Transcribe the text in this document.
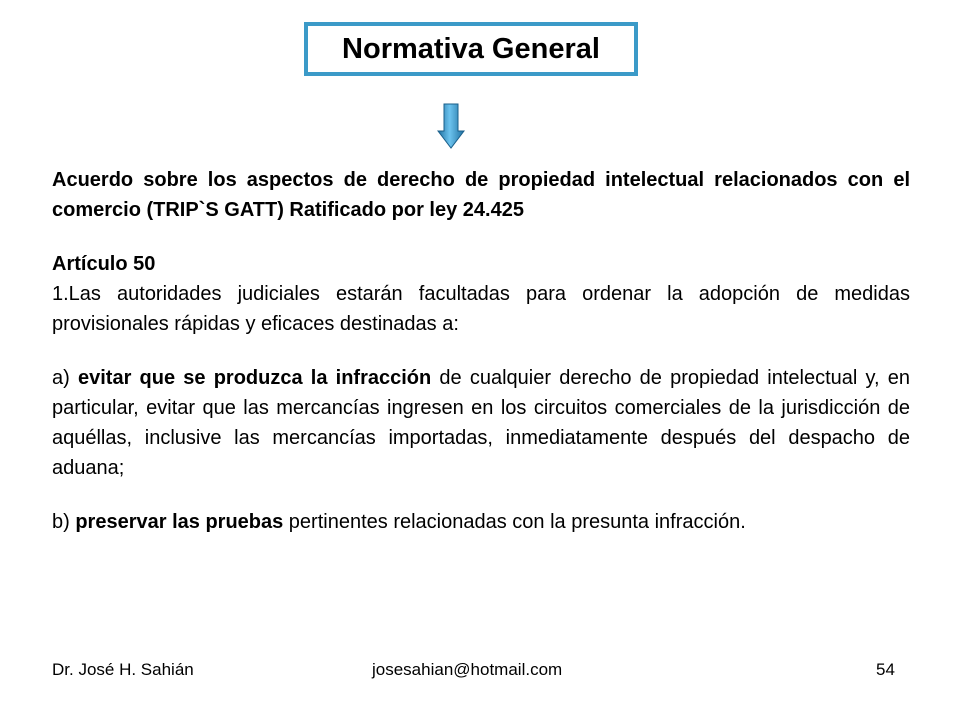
Normativa General

Acuerdo sobre los aspectos de derecho de propiedad intelectual relacionados con el comercio (TRIP`S GATT) Ratificado por ley 24.425

Artículo 50

1.Las autoridades judiciales estarán facultadas para ordenar la adopción de medidas provisionales rápidas y eficaces destinadas a:

a) evitar que se produzca la infracción de cualquier derecho de propiedad intelectual y, en particular, evitar que las mercancías ingresen en los circuitos comerciales de la jurisdicción de aquéllas, inclusive las mercancías importadas, inmediatamente después del despacho de aduana;

b) preservar las pruebas pertinentes relacionadas con la presunta infracción.

Dr. José H. Sahián	josesahian@hotmail.com	54
